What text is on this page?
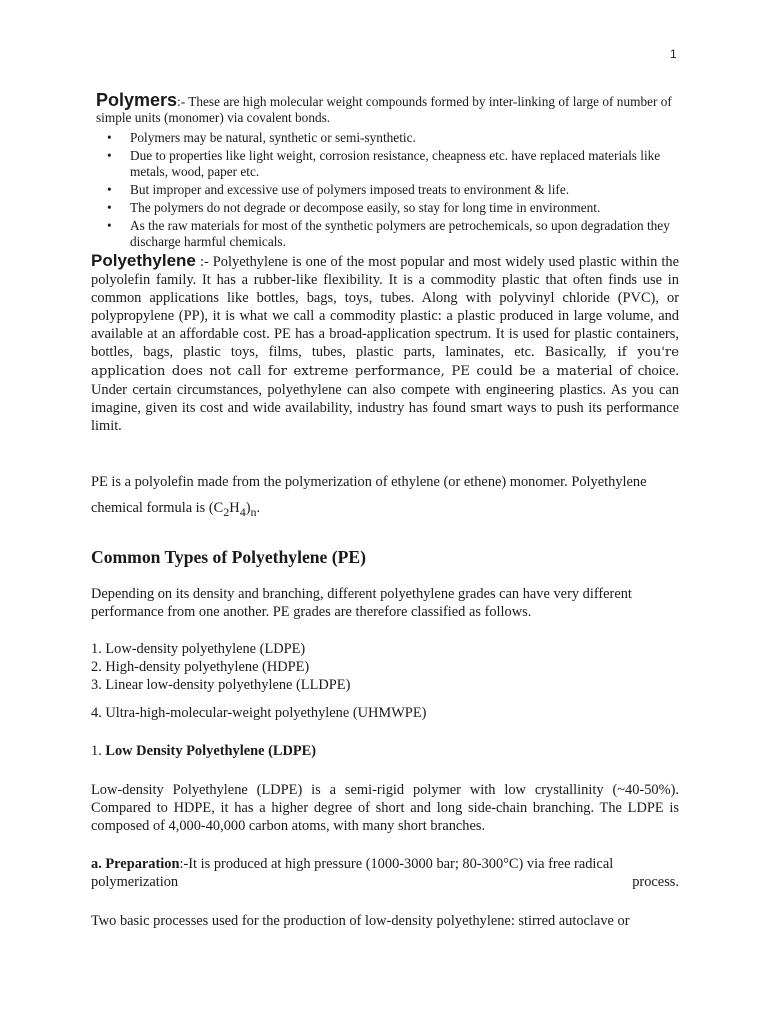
1
Polymers:- These are high molecular weight compounds formed by inter-linking of large of number of simple units (monomer) via covalent bonds.
• Polymers may be natural, synthetic or semi-synthetic.
• Due to properties like light weight, corrosion resistance, cheapness etc. have replaced materials like metals, wood, paper etc.
• But improper and excessive use of polymers imposed treats to environment & life.
• The polymers do not degrade or decompose easily, so stay for long time in environment.
• As the raw materials for most of the synthetic polymers are petrochemicals, so upon degradation they discharge harmful chemicals.

Polyethylene :- Polyethylene is one of the most popular and most widely used plastic within the polyolefin family. It has a rubber-like flexibility. It is a commodity plastic that often finds use in common applications like bottles, bags, toys, tubes. Along with polyvinyl chloride (PVC), or polypropylene (PP), it is what we call a commodity plastic: a plastic produced in large volume, and available at an affordable cost. PE has a broad-application spectrum. It is used for plastic containers, bottles, bags, plastic toys, films, tubes, plastic parts, laminates, etc. Basically, if you're application does not call for extreme performance, PE could be a material of choice. Under certain circumstances, polyethylene can also compete with engineering plastics. As you can imagine, given its cost and wide availability, industry has found smart ways to push its performance limit.

PE is a polyolefin made from the polymerization of ethylene (or ethene) monomer. Polyethylene chemical formula is $(C_2H_4)_n$.

Common Types of Polyethylene (PE)

Depending on its density and branching, different polyethylene grades can have very different performance from one another. PE grades are therefore classified as follows.

1. Low-density polyethylene (LDPE)
2. High-density polyethylene (HDPE)
3. Linear low-density polyethylene (LLDPE)
4. Ultra-high-molecular-weight polyethylene (UHMWPE)
1. Low Density Polyethylene (LDPE)

Low-density Polyethylene (LDPE) is a semi-rigid polymer with low crystallinity (~40-50%). Compared to HDPE, it has a higher degree of short and long side-chain branching. The LDPE is composed of 4,000-40,000 carbon atoms, with many short branches.

a. Preparation:-It is produced at high pressure (1000-3000 bar; 80-300°C) via free radical
polymerization	process.

Two basic processes used for the production of low-density polyethylene: stirred autoclave or
